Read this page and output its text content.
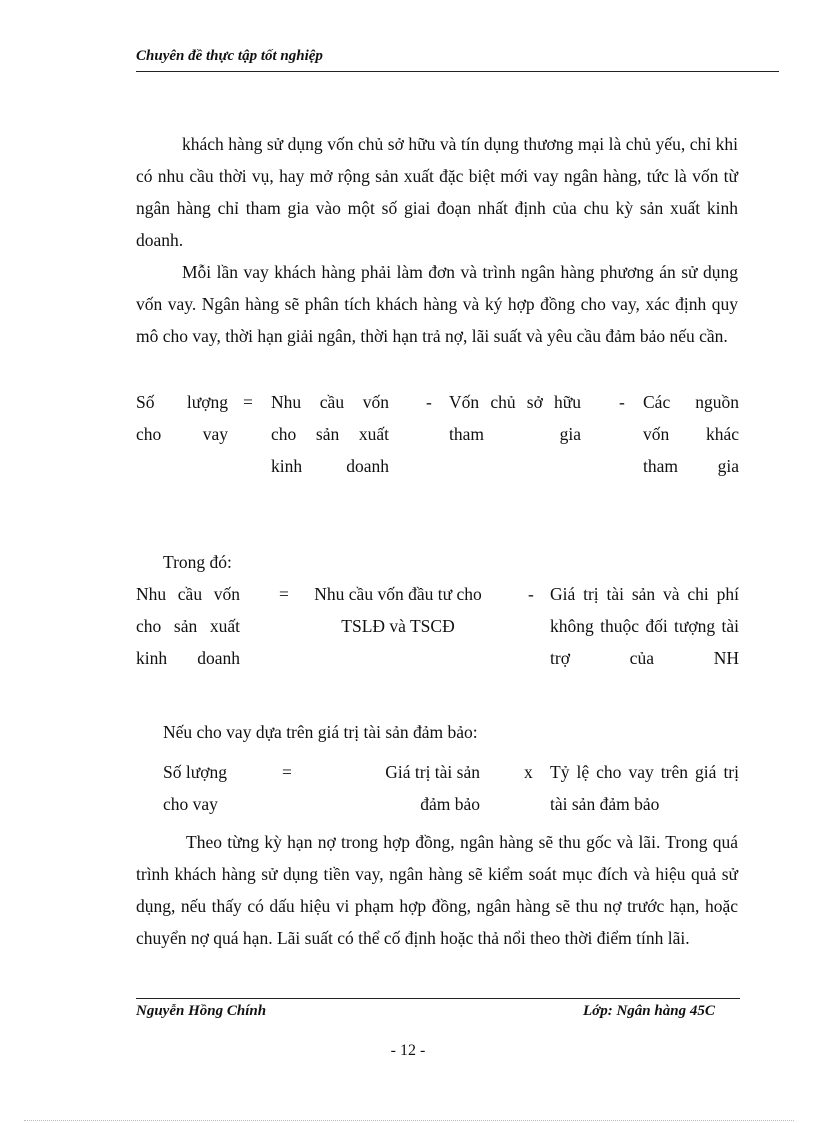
Chuyên đề thực tập tốt nghiệp
khách hàng sử dụng vốn chủ sở hữu và tín dụng thương mại là chủ yếu, chỉ khi có nhu cầu thời vụ, hay mở rộng sản xuất đặc biệt mới vay ngân hàng, tức là vốn từ ngân hàng chỉ tham gia vào một số giai đoạn nhất định của chu kỳ sản xuất kinh doanh.
Mỗi lần vay khách hàng phải làm đơn và trình ngân hàng phương án sử dụng vốn vay. Ngân hàng sẽ phân tích khách hàng và ký hợp đồng cho vay, xác định quy mô cho vay, thời hạn giải ngân, thời hạn trả nợ, lãi suất và yêu cầu đảm bảo nếu cần.
Số lượng cho vay
= Nhu cầu vốn cho sản xuất kinh doanh
- Vốn chủ sở hữu tham gia
- Các nguồn vốn khác tham gia
Trong đó:
Nhu cầu vốn cho sản xuất kinh doanh
=	Nhu cầu vốn đầu tư cho TSLĐ và TSCĐ
- Giá trị tài sản và chi phí không thuộc đối tượng tài trợ của NH
Nếu cho vay dựa trên giá trị tài sản đảm bảo:
Số lượng cho vay
=	Giá trị tài sản đảm bảo
x Tỷ lệ cho vay trên giá trị tài sản đảm bảo
Theo từng kỳ hạn nợ trong hợp đồng, ngân hàng sẽ thu gốc và lãi. Trong quá trình khách hàng sử dụng tiền vay, ngân hàng sẽ kiểm soát mục đích và hiệu quả sử dụng, nếu thấy có dấu hiệu vi phạm hợp đồng, ngân hàng sẽ thu nợ trước hạn, hoặc chuyển nợ quá hạn. Lãi suất có thể cố định hoặc thả nổi theo thời điểm tính lãi.
Nguyễn Hồng Chính	Lớp: Ngân hàng 45C
- 12 -
